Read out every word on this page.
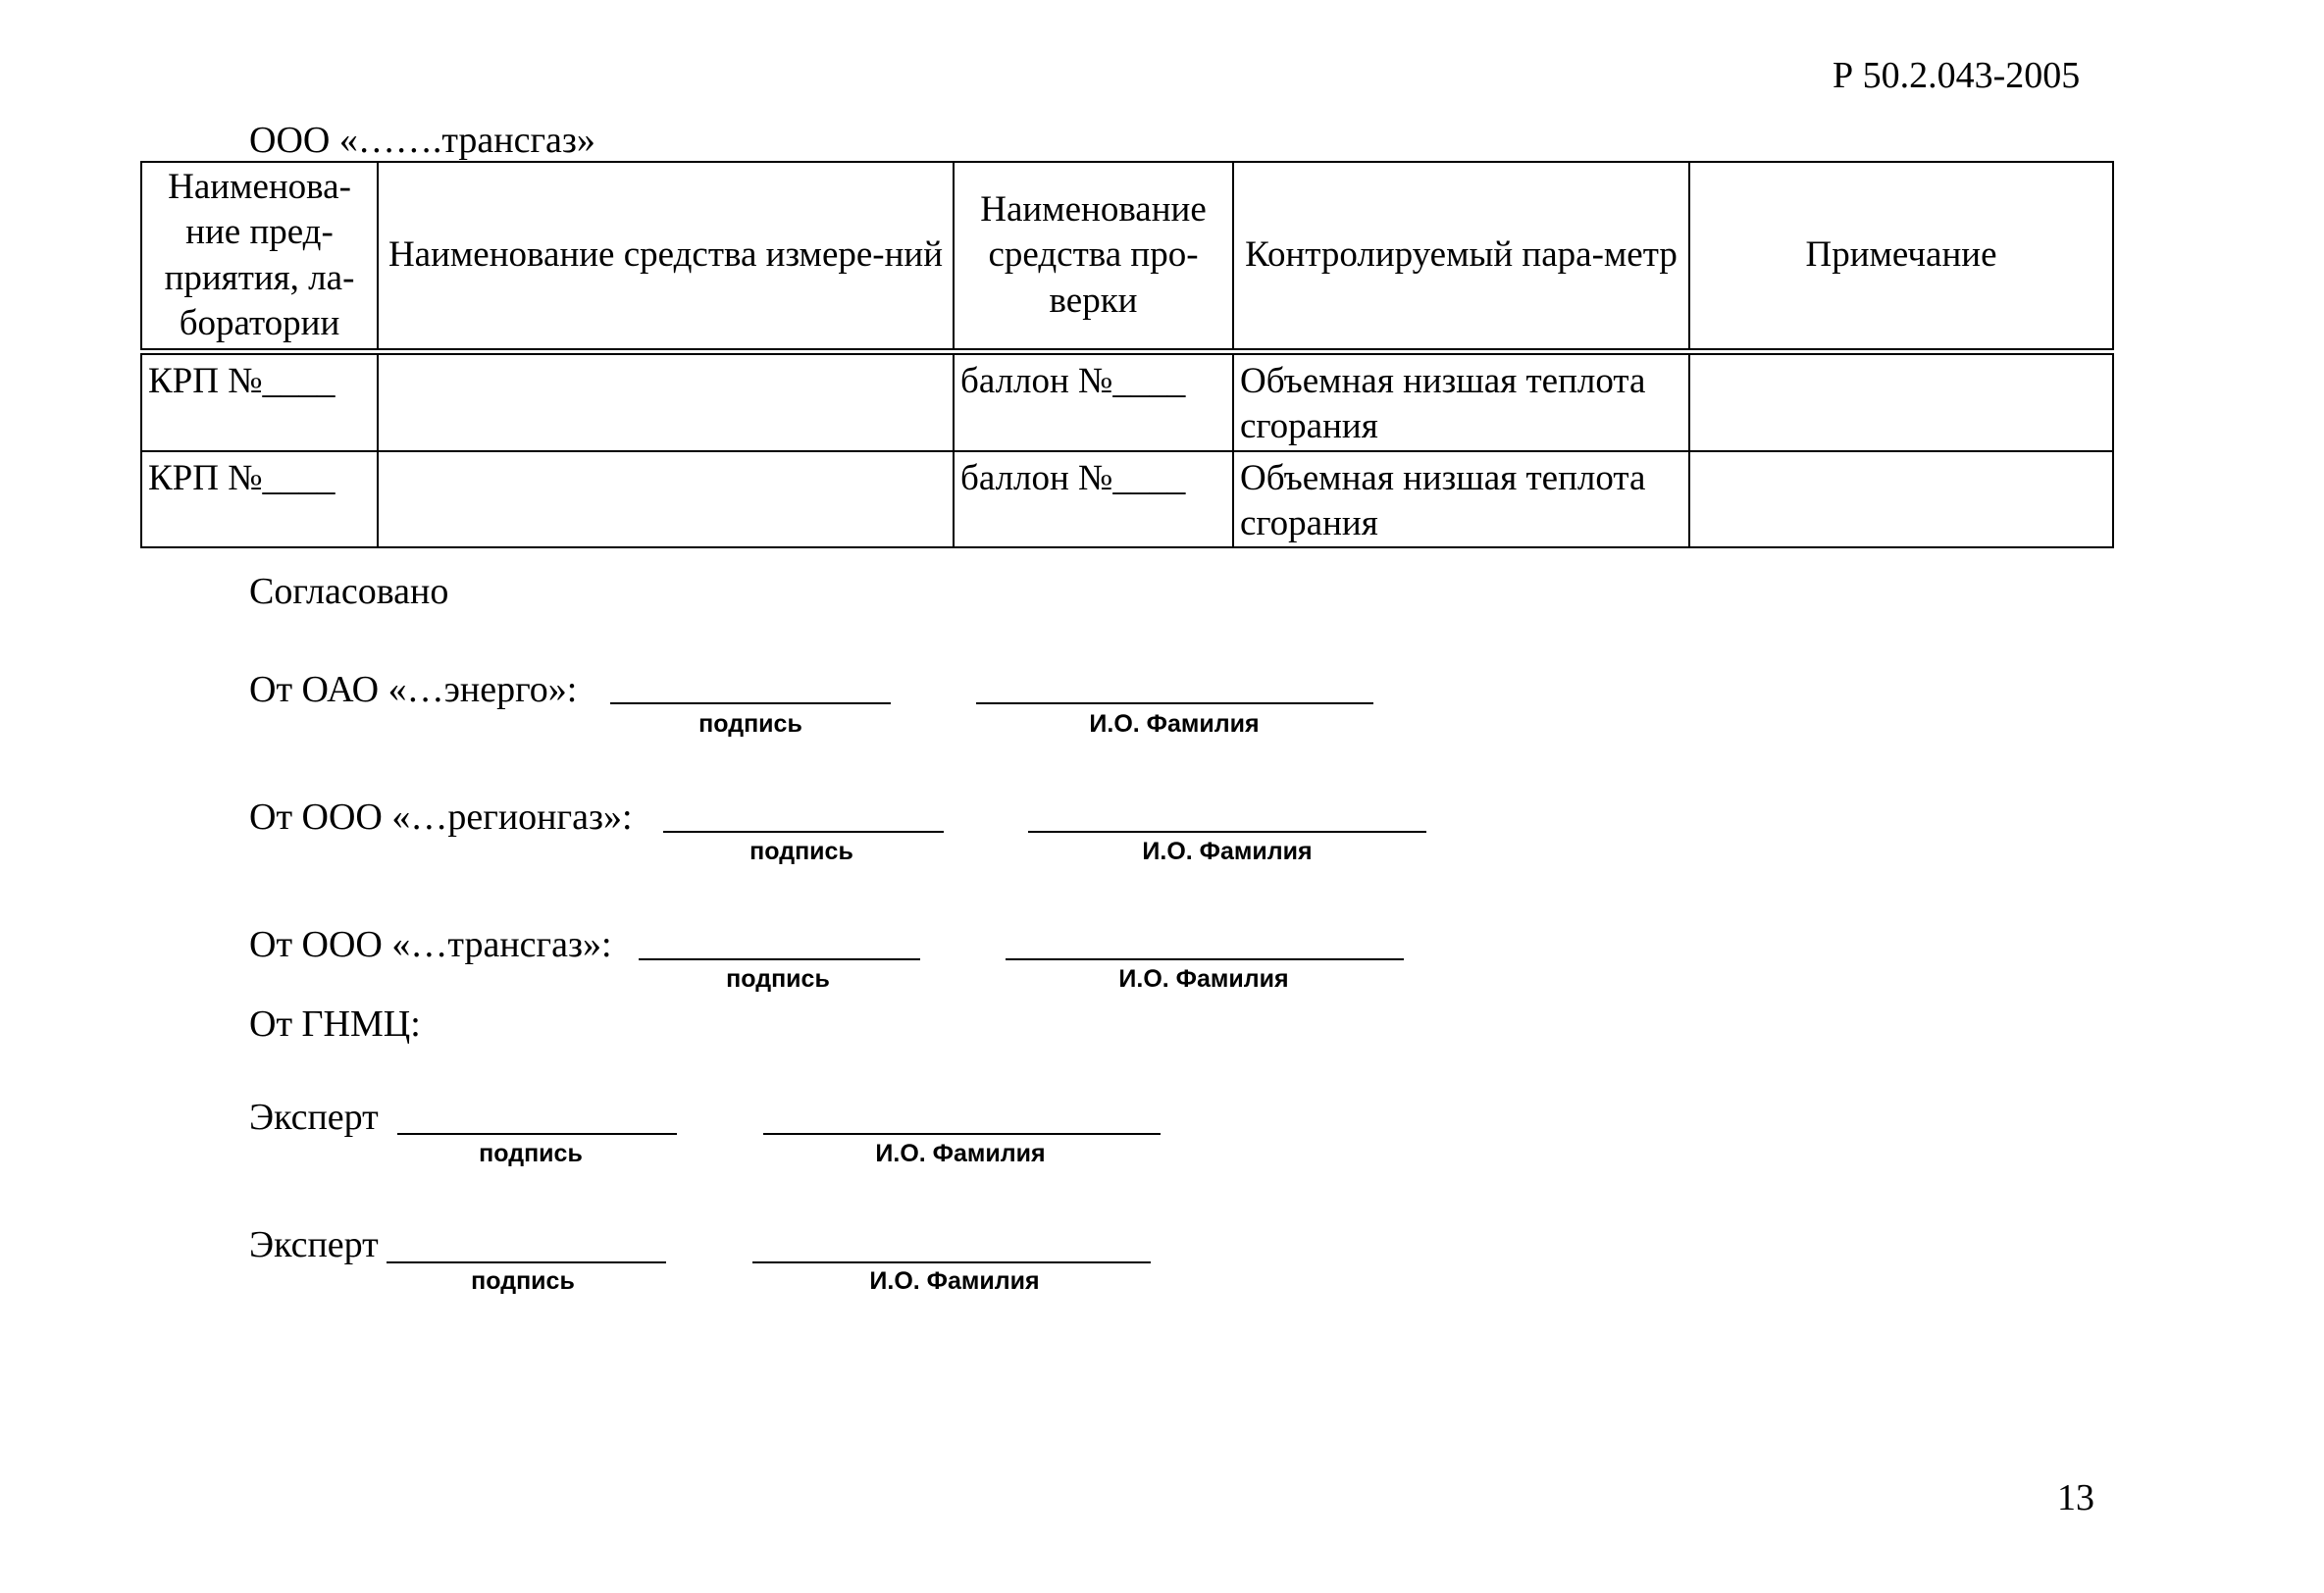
Р 50.2.043-2005
ООО «…….трансгаз»
Наименова-ние пред-приятия, ла-боратории	Наименование средства измере-ний	Наименование средства про-верки	Контролируемый пара-метр	Примечание
КРП №____		баллон №____	Объемная низшая теплота сгорания	
КРП №____		баллон №____	Объемная низшая теплота сгорания	
Согласовано
От ОАО «…энерго»:
подпись	И.О. Фамилия
От ООО «…регионгаз»:
подпись	И.О. Фамилия
От ООО «…трансгаз»:
подпись	И.О. Фамилия
От ГНМЦ:
Эксперт
подпись	И.О. Фамилия
Эксперт
подпись	И.О. Фамилия
13
